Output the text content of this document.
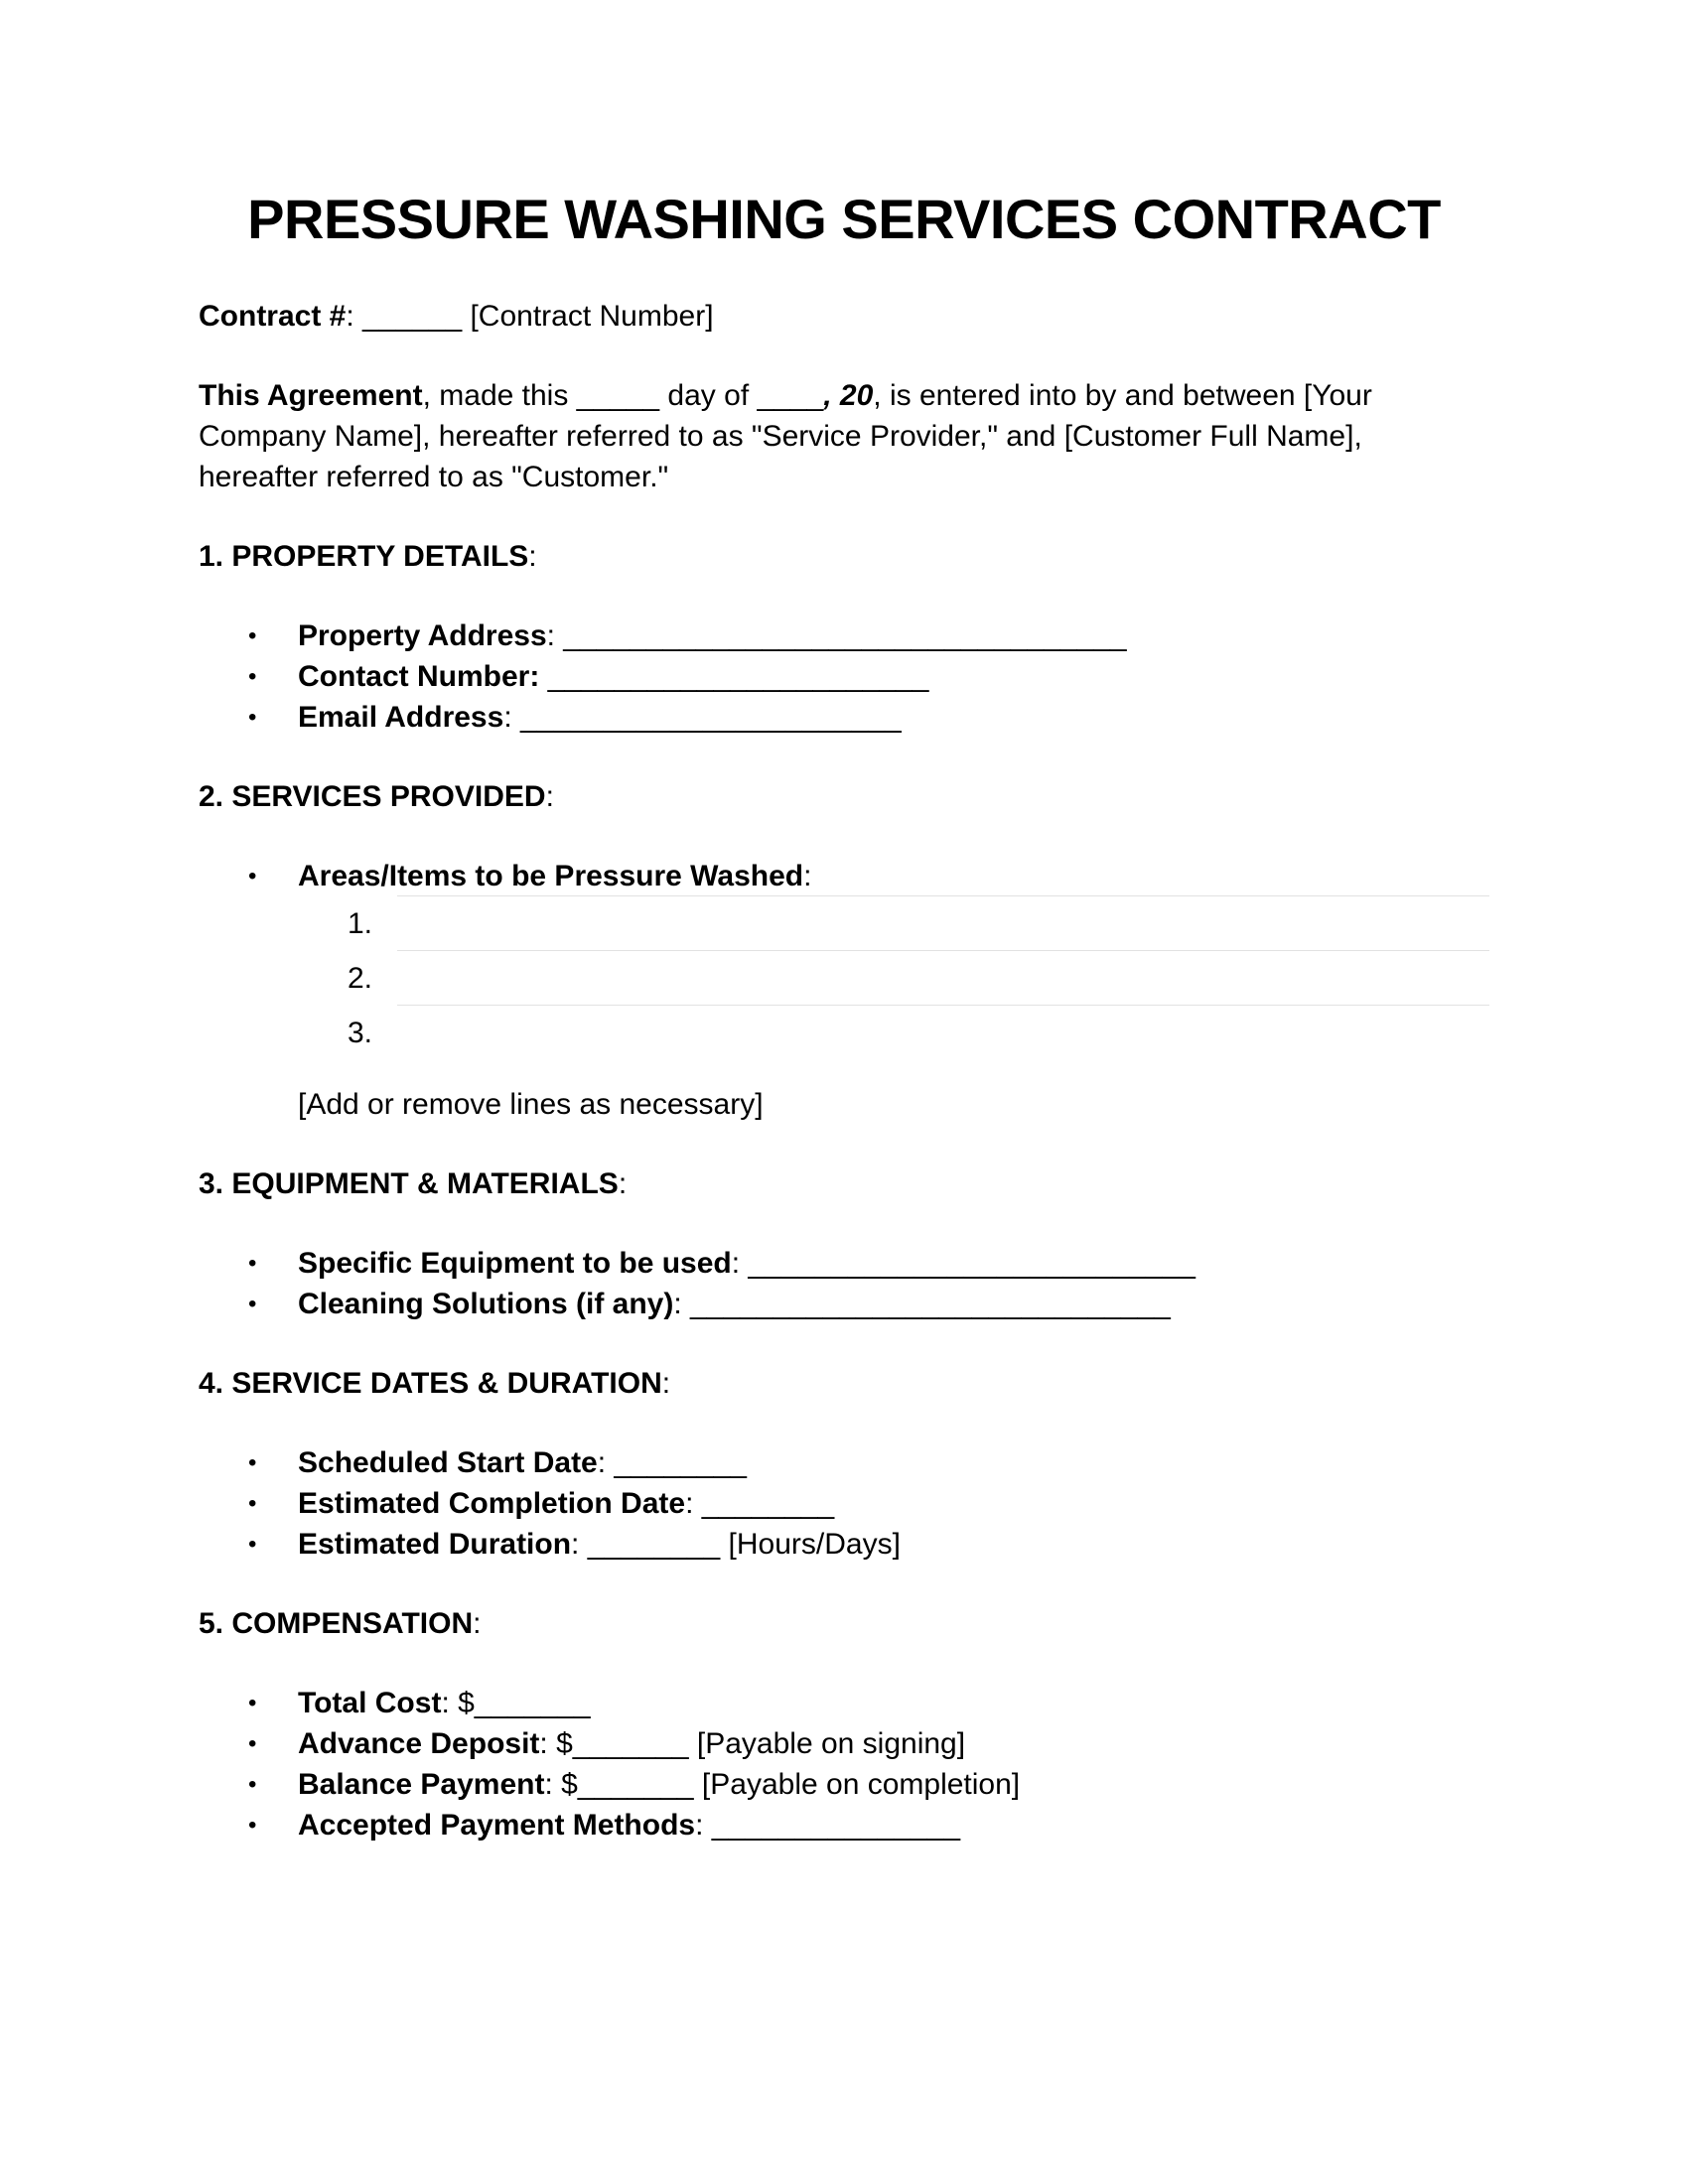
PRESSURE WASHING SERVICES CONTRACT

Contract #: ______ [Contract Number]

This Agreement, made this _____ day of ____, 20, is entered into by and between [Your Company Name], hereafter referred to as "Service Provider," and [Customer Full Name], hereafter referred to as "Customer."

1. PROPERTY DETAILS:

• Property Address: __________________________________
• Contact Number: _______________________
• Email Address: _______________________

2. SERVICES PROVIDED:

• Areas/Items to be Pressure Washed:
1.
2.
3.

[Add or remove lines as necessary]

3. EQUIPMENT & MATERIALS:

• Specific Equipment to be used: ___________________________
• Cleaning Solutions (if any): _____________________________

4. SERVICE DATES & DURATION:

• Scheduled Start Date: ________
• Estimated Completion Date: ________
• Estimated Duration: ________ [Hours/Days]

5. COMPENSATION:

• Total Cost: $_______
• Advance Deposit: $_______ [Payable on signing]
• Balance Payment: $_______ [Payable on completion]
• Accepted Payment Methods: _______________
